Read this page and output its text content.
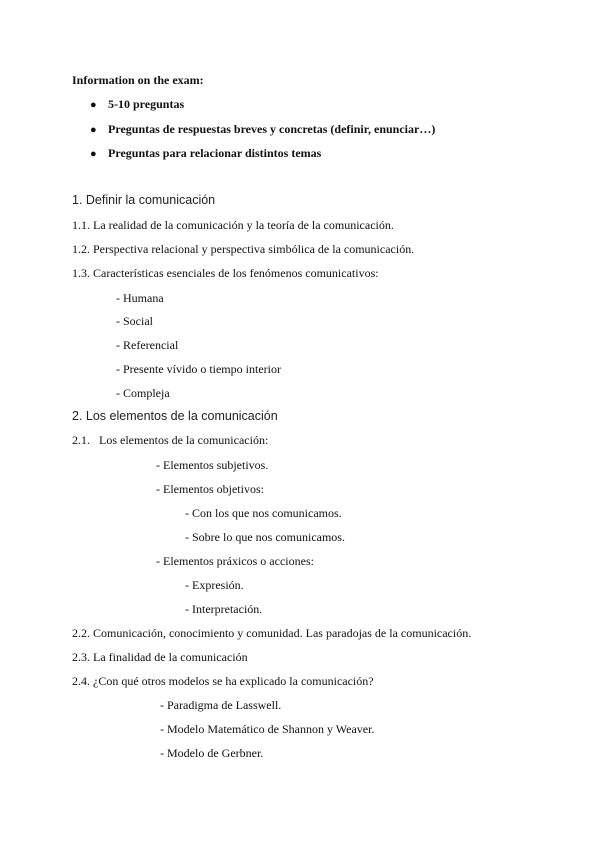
Information on the exam:
● 5-10 preguntas
● Preguntas de respuestas breves y concretas (definir, enunciar…)
● Preguntas para relacionar distintos temas
1. Definir la comunicación
1.1. La realidad de la comunicación y la teoría de la comunicación.
1.2. Perspectiva relacional y perspectiva simbólica de la comunicación.
1.3. Características esenciales de los fenómenos comunicativos:
- Humana
- Social
- Referencial
- Presente vívido o tiempo interior
- Compleja
2. Los elementos de la comunicación
2.1. Los elementos de la comunicación:
- Elementos subjetivos.
- Elementos objetivos:
- Con los que nos comunicamos.
- Sobre lo que nos comunicamos.
- Elementos práxicos o acciones:
- Expresión.
- Interpretación.
2.2. Comunicación, conocimiento y comunidad. Las paradojas de la comunicación.
2.3. La finalidad de la comunicación
2.4. ¿Con qué otros modelos se ha explicado la comunicación?
- Paradigma de Lasswell.
- Modelo Matemático de Shannon y Weaver.
- Modelo de Gerbner.
